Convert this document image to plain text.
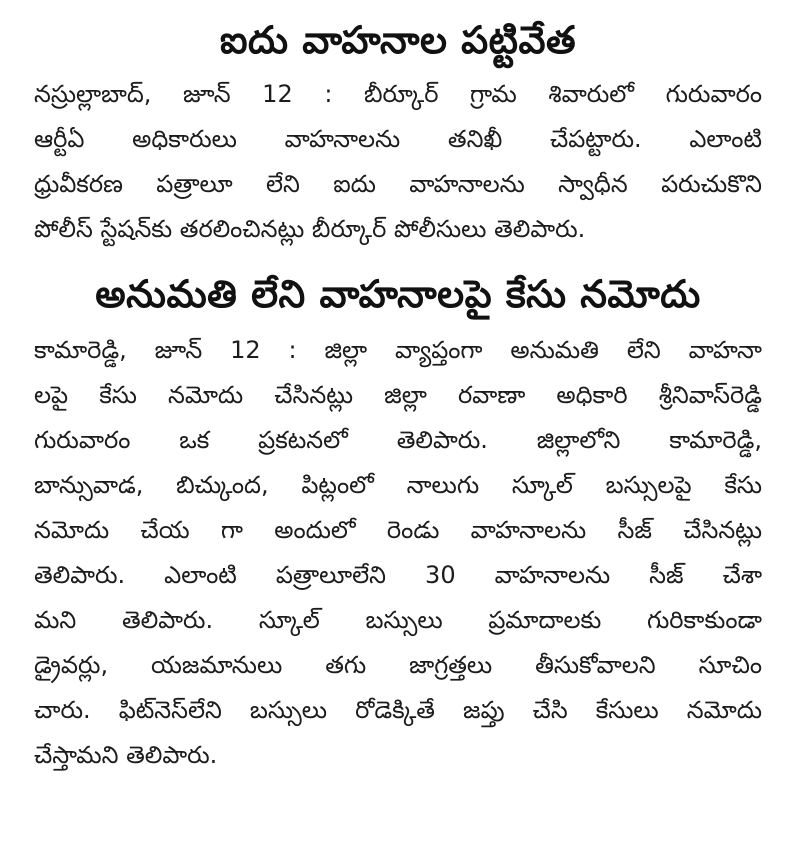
ఐదు వాహనాల పట్టివేత

నస్రుల్లాబాద్, జూన్ 12 : బీర్కూర్ గ్రామ శివారులో గురువారం
ఆర్టీఏ అధికారులు వాహనాలను తనిఖీ చేపట్టారు. ఎలాంటి
ధ్రువీకరణ పత్రాలూ లేని ఐదు వాహనాలను స్వాధీన పరుచుకొని
పోలీస్ స్టేషన్‌కు తరలించినట్లు బీర్కూర్ పోలీసులు తెలిపారు.

అనుమతి లేని వాహనాలపై కేసు నమోదు

కామారెడ్డి, జూన్ 12 : జిల్లా వ్యాప్తంగా అనుమతి లేని వాహనా
లపై కేసు నమోదు చేసినట్లు జిల్లా రవాణా అధికారి శ్రీనివాస్‌రెడ్డి
గురువారం ఒక ప్రకటనలో తెలిపారు. జిల్లాలోని కామారెడ్డి,
బాన్సువాడ, బిచ్కుంద, పిట్లంలో నాలుగు స్కూల్ బస్సులపై కేసు
నమోదు చేయ గా అందులో రెండు వాహనాలను సీజ్ చేసినట్లు
తెలిపారు. ఎలాంటి పత్రాలూలేని 30 వాహనాలను సీజ్ చేశా
మని తెలిపారు. స్కూల్ బస్సులు ప్రమాదాలకు గురికాకుండా
డ్రైవర్లు, యజమానులు తగు జాగ్రత్తలు తీసుకోవాలని సూచిం
చారు. ఫిట్‌నెస్‌లేని బస్సులు రోడెక్కితే జప్తు చేసి కేసులు నమోదు
చేస్తామని తెలిపారు.
